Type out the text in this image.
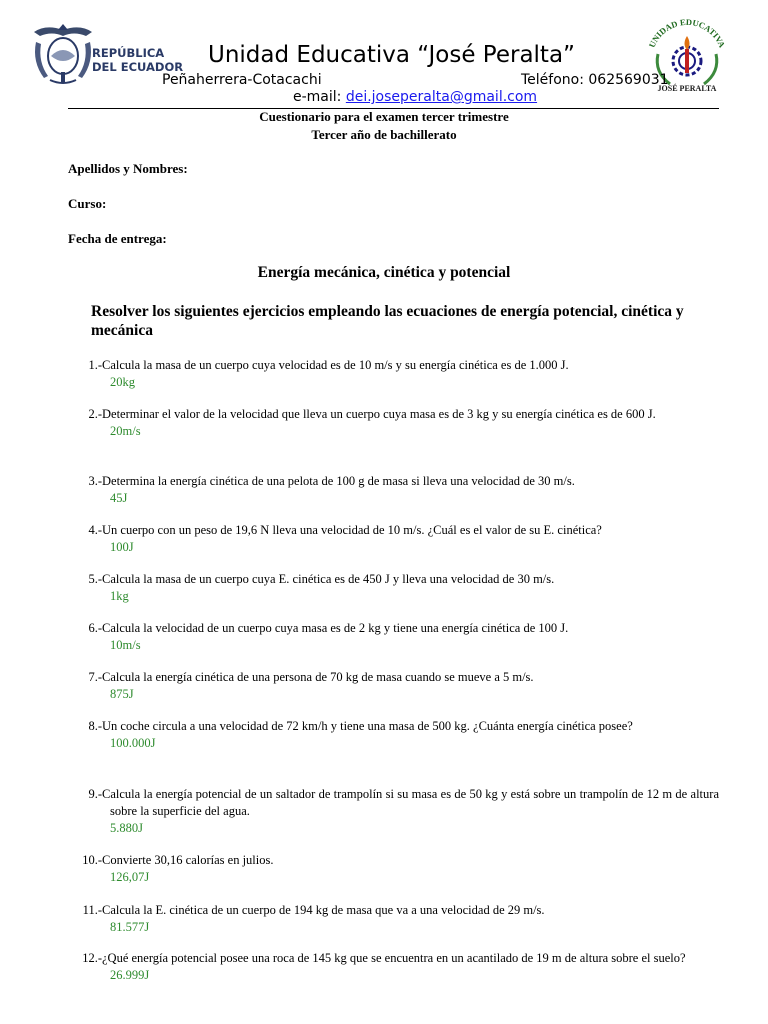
REPÚBLICA
DEL ECUADOR
UNIDAD EDUCATIVA
JOSÉ PERALTA
Unidad Educativa “José Peralta”
Peñaherrera-Cotacachi	Teléfono: 062569031
e-mail: dei.joseperalta@gmail.com
Cuestionario para el examen tercer trimestre
Tercer año de bachillerato
Apellidos y Nombres:
Curso:
Fecha de entrega:
Energía mecánica, cinética y potencial
Resolver los siguientes ejercicios empleando las ecuaciones de energía potencial, cinética y mecánica
1.- Calcula la masa de un cuerpo cuya velocidad es de 10 m/s y su energía cinética es de 1.000 J.
20kg
2.- Determinar el valor de la velocidad que lleva un cuerpo cuya masa es de 3 kg y su energía cinética es de 600 J.
20m/s
3.- Determina la energía cinética de una pelota de 100 g de masa si lleva una velocidad de 30 m/s.
45J
4.- Un cuerpo con un peso de 19,6 N lleva una velocidad de 10 m/s. ¿Cuál es el valor de su E. cinética?
100J
5.- Calcula la masa de un cuerpo cuya E. cinética es de 450 J y lleva una velocidad de 30 m/s.
1kg
6.- Calcula la velocidad de un cuerpo cuya masa es de 2 kg y tiene una energía cinética de 100 J.
10m/s
7.- Calcula la energía cinética de una persona de 70 kg de masa cuando se mueve a 5 m/s.
875J
8.- Un coche circula a una velocidad de 72 km/h y tiene una masa de 500 kg. ¿Cuánta energía cinética posee?
100.000J
9.- Calcula la energía potencial de un saltador de trampolín si su masa es de 50 kg y está sobre un trampolín de 12 m de altura sobre la superficie del agua.
5.880J
10.- Convierte 30,16 calorías en julios.
126,07J
11.- Calcula la E. cinética de un cuerpo de 194 kg de masa que va a una velocidad de 29 m/s.
81.577J
12.- ¿Qué energía potencial posee una roca de 145 kg que se encuentra en un acantilado de 19 m de altura sobre el suelo?
26.999J
